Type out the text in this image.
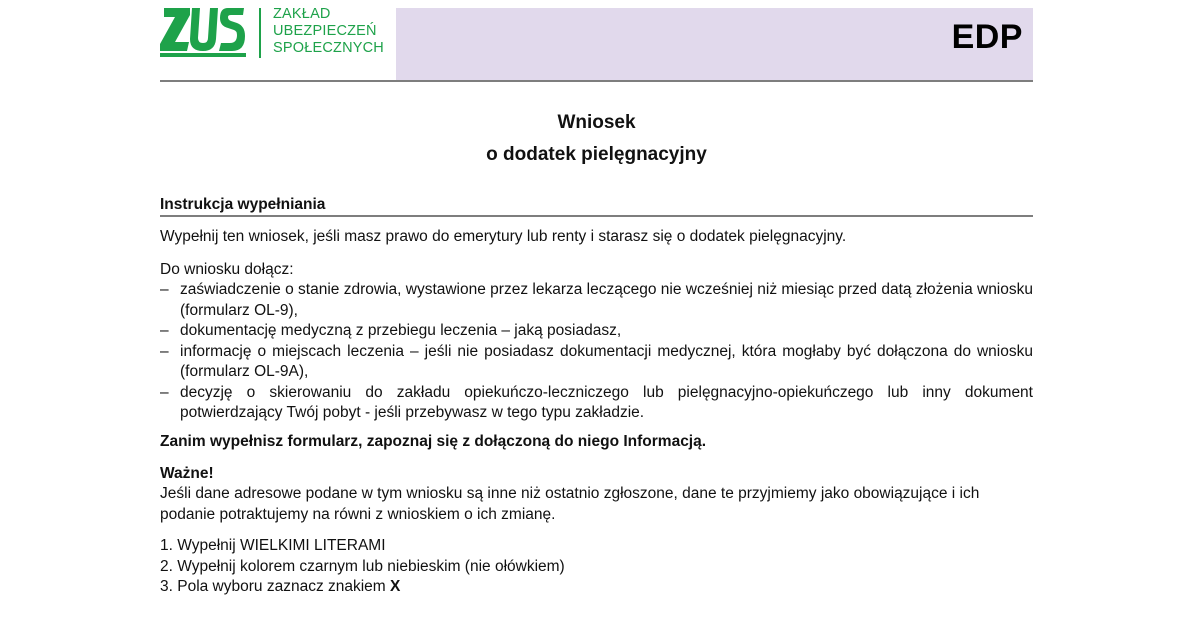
ZAKŁAD
UBEZPIECZEŃ
SPOŁECZNYCH	EDP
Wniosek
o dodatek pielęgnacyjny
Instrukcja wypełniania
Wypełnij ten wniosek, jeśli masz prawo do emerytury lub renty i starasz się o dodatek pielęgnacyjny.
Do wniosku dołącz:
– zaświadczenie o stanie zdrowia, wystawione przez lekarza leczącego nie wcześniej niż miesiąc przed datą złożenia wniosku (formularz OL-9),
– dokumentację medyczną z przebiegu leczenia – jaką posiadasz,
– informację o miejscach leczenia – jeśli nie posiadasz dokumentacji medycznej, która mogłaby być dołączona do wniosku (formularz OL-9A),
– decyzję o skierowaniu do zakładu opiekuńczo-leczniczego lub pielęgnacyjno-opiekuńczego lub inny dokument potwierdzający Twój pobyt - jeśli przebywasz w tego typu zakładzie.
Zanim wypełnisz formularz, zapoznaj się z dołączoną do niego Informacją.
Ważne!
Jeśli dane adresowe podane w tym wniosku są inne niż ostatnio zgłoszone, dane te przyjmiemy jako obowiązujące i ich podanie potraktujemy na równi z wnioskiem o ich zmianę.
1. Wypełnij WIELKIMI LITERAMI
2. Wypełnij kolorem czarnym lub niebieskim (nie ołówkiem)
3. Pola wyboru zaznacz znakiem X
